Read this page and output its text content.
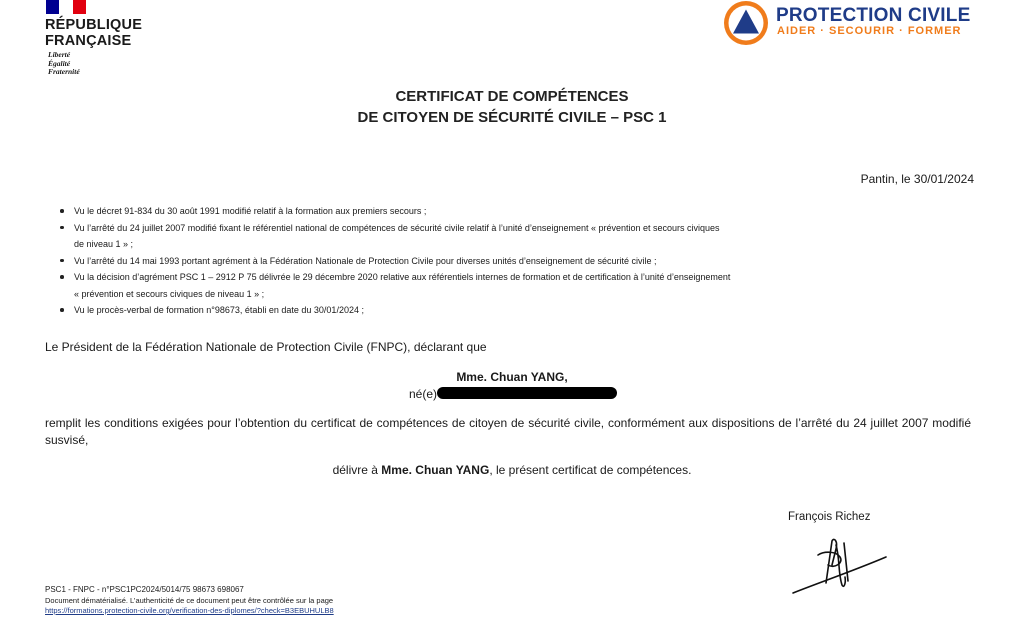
RÉPUBLIQUE
FRANÇAISE
Liberté
Égalité
Fraternité
PROTECTION CIVILE
AIDER · SECOURIR · FORMER
CERTIFICAT DE COMPÉTENCES
DE CITOYEN DE SÉCURITÉ CIVILE – PSC 1
Pantin, le 30/01/2024
Vu le décret 91-834 du 30 août 1991 modifié relatif à la formation aux premiers secours ;
Vu l’arrêté du 24 juillet 2007 modifié fixant le référentiel national de compétences de sécurité civile relatif à l’unité d’enseignement « prévention et secours civiques
de niveau 1 » ;
Vu l’arrêté du 14 mai 1993 portant agrément à la Fédération Nationale de Protection Civile pour diverses unités d’enseignement de sécurité civile ;
Vu la décision d’agrément PSC 1 – 2912 P 75 délivrée le 29 décembre 2020 relative aux référentiels internes de formation et de certification à l’unité d’enseignement
« prévention et secours civiques de niveau 1 » ;
Vu le procès-verbal de formation n°98673, établi en date du 30/01/2024 ;
Le Président de la Fédération Nationale de Protection Civile (FNPC), déclarant que
Mme. Chuan YANG,
né(e)
remplit les conditions exigées pour l’obtention du certificat de compétences de citoyen de sécurité civile, conformément aux dispositions de l’arrêté du 24 juillet 2007 modifié susvisé,
délivre à Mme. Chuan YANG, le présent certificat de compétences.
François Richez
PSC1 - FNPC - n°PSC1PC2024/5014/75 98673 698067
Document dématérialisé. L’authenticité de ce document peut être contrôlée sur la page
https://formations.protection-civile.org/verification-des-diplomes/?check=B3EBUHULB8
